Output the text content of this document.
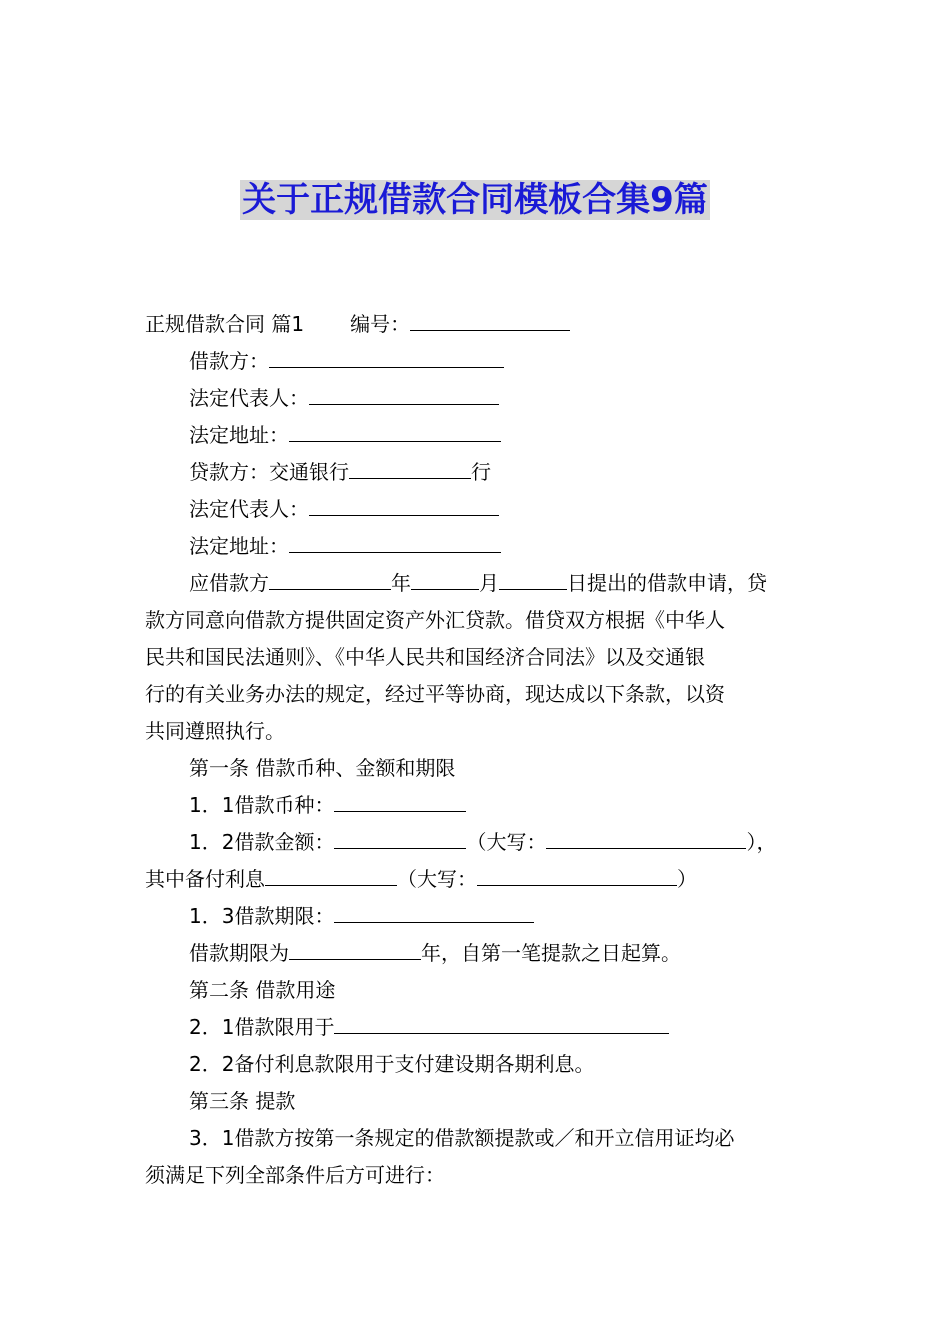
关于正规借款合同模板合集9篇
正规借款合同 篇1 编号：
借款方：
法定代表人：
法定地址：
贷款方：交通银行	行
法定代表人：
法定地址：
应借款方	年	月	日提出的借款申请，贷
款方同意向借款方提供固定资产外汇贷款。借贷双方根据《中华人
民共和国民法通则》、《中华人民共和国经济合同法》以及交通银
行的有关业务办法的规定，经过平等协商，现达成以下条款，以资
共同遵照执行。
第一条 借款币种、金额和期限
1．1借款币种：
1．2借款金额：	（大写：	），
其中备付利息	（大写：	）
1．3借款期限：
借款期限为	年，自第一笔提款之日起算。
第二条 借款用途
2．1借款限用于
2．2备付利息款限用于支付建设期各期利息。
第三条 提款
3．1借款方按第一条规定的借款额提款或／和开立信用证均必
须满足下列全部条件后方可进行：
